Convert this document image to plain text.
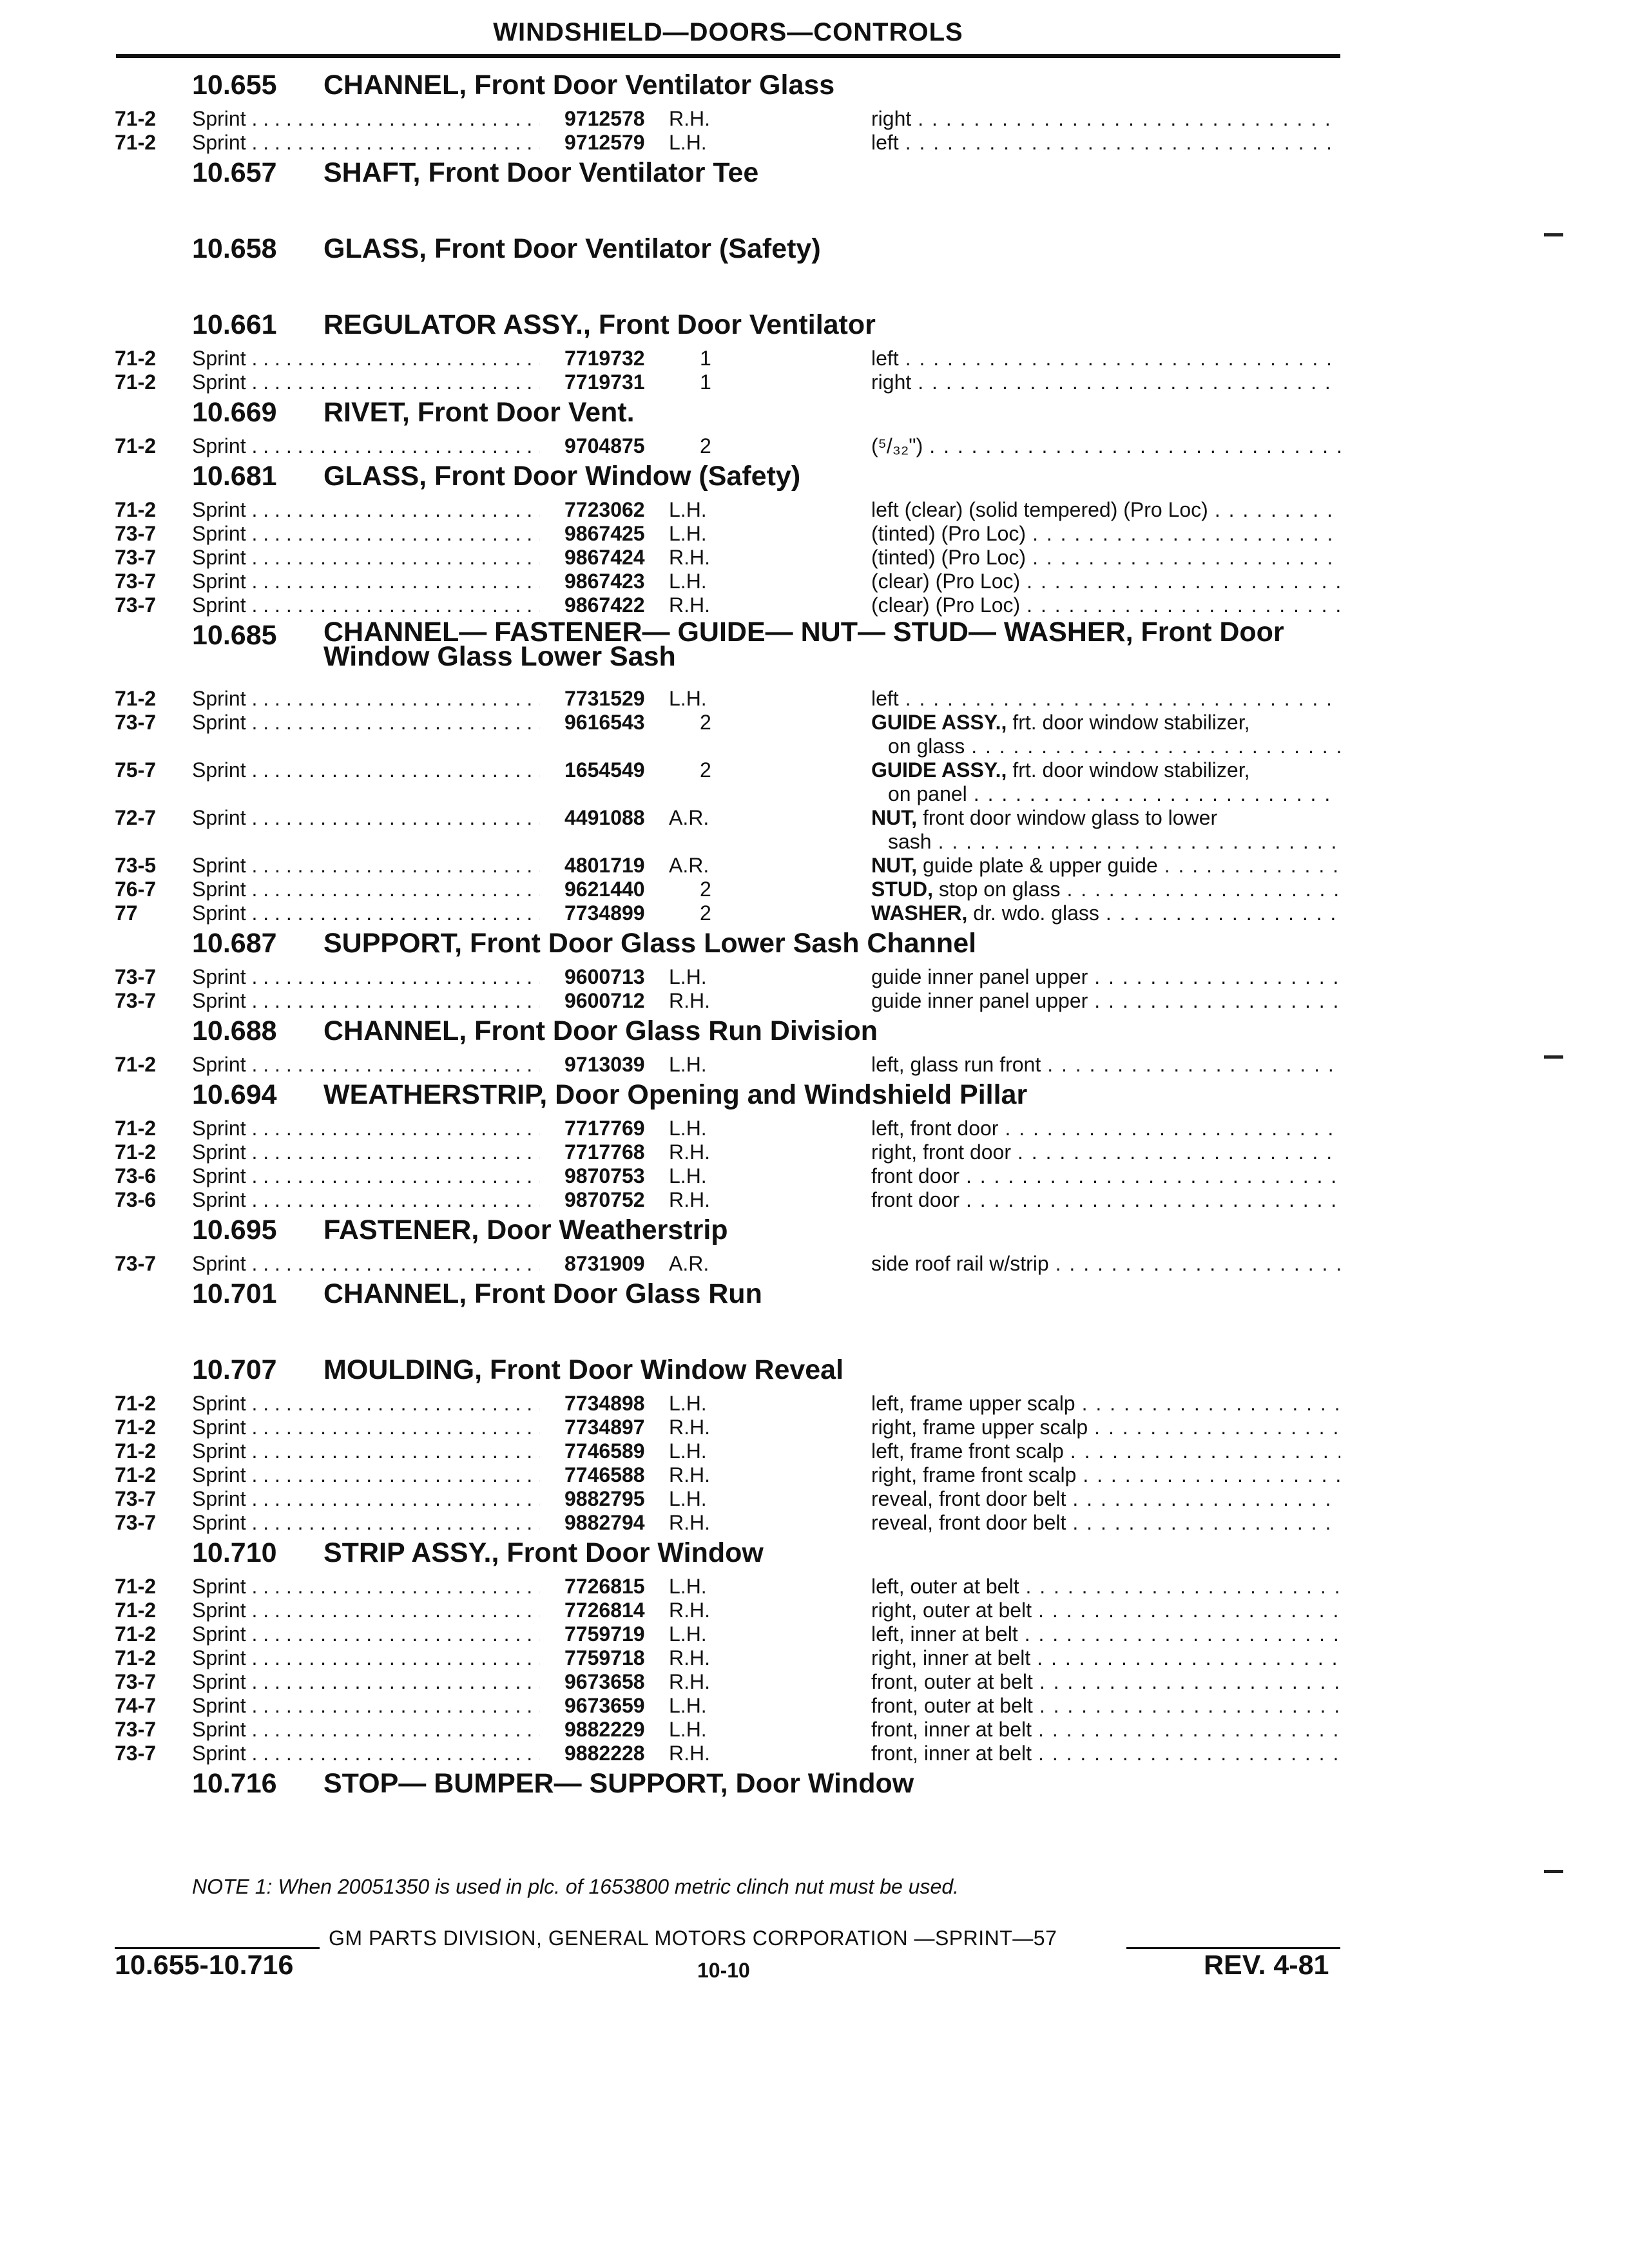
WINDSHIELD—DOORS—CONTROLS
10.655 CHANNEL, Front Door Ventilator Glass
71-2 Sprint . . .	9712578 R.H.	right
. . .
71-2 Sprint . . .	9712579 L.H.	left
. . .
10.657 SHAFT, Front Door Ventilator Tee
10.658 GLASS, Front Door Ventilator (Safety)
10.661 REGULATOR ASSY., Front Door Ventilator
71-2 Sprint . . .	7719732	1	left
. . .
71-2 Sprint . . .	7719731	1	right
. . .
10.669 RIVET, Front Door Vent.
71-2 Sprint . . .	9704875	2	(⁵/₃₂")
. . .
10.681 GLASS, Front Door Window (Safety)
71-2 Sprint . . .	7723062 L.H.	left (clear) (solid tempered) (Pro Loc)
. . .
73-7 Sprint . . .	9867425 L.H.	(tinted) (Pro Loc)
. . .
73-7 Sprint . . .	9867424 R.H.	(tinted) (Pro Loc)
. . .
73-7 Sprint . . .	9867423 L.H.	(clear) (Pro Loc)
. . .
73-7 Sprint . . .	9867422 R.H.	(clear) (Pro Loc)
. . .
10.685 CHANNEL— FASTENER— GUIDE— NUT— STUD— WASHER, Front Door
Window Glass Lower Sash
71-2 Sprint . . .	7731529 L.H.	left
. . .
73-7 Sprint . . .	9616543	2	GUIDE ASSY., frt. door window stabilizer,
on glass
. . .
75-7 Sprint . . .	1654549	2	GUIDE ASSY., frt. door window stabilizer,
on panel
. . .
72-7 Sprint . . .	4491088 A.R.	NUT, front door window glass to lower
sash
. . .
73-5 Sprint . . .	4801719 A.R.	NUT, guide plate & upper guide
. . .
76-7 Sprint . . .	9621440	2	STUD, stop on glass
. . .
77	Sprint . . .	7734899	2	WASHER, dr. wdo. glass
. . .
10.687 SUPPORT, Front Door Glass Lower Sash Channel
73-7 Sprint . . .	9600713 L.H.	guide inner panel upper
. . .
73-7 Sprint . . .	9600712 R.H.	guide inner panel upper
. . .
10.688 CHANNEL, Front Door Glass Run Division
71-2 Sprint . . .	9713039 L.H.	left, glass run front
. . .
10.694 WEATHERSTRIP, Door Opening and Windshield Pillar
71-2 Sprint . . .	7717769 L.H.	left, front door
. . .
71-2 Sprint . . .	7717768 R.H.	right, front door
. . .
73-6 Sprint . . .	9870753 L.H.	front door
. . .
73-6 Sprint . . .	9870752 R.H.	front door
. . .
10.695 FASTENER, Door Weatherstrip
73-7 Sprint . . .	8731909 A.R.	side roof rail w/strip
. . .
10.701 CHANNEL, Front Door Glass Run
10.707 MOULDING, Front Door Window Reveal
71-2 Sprint . . .	7734898 L.H.	left, frame upper scalp
. . .
71-2 Sprint . . .	7734897 R.H.	right, frame upper scalp
. . .
71-2 Sprint . . .	7746589 L.H.	left, frame front scalp
. . .
71-2 Sprint . . .	7746588 R.H.	right, frame front scalp
. . .
73-7 Sprint . . .	9882795 L.H.	reveal, front door belt
. . .
73-7 Sprint . . .	9882794 R.H.	reveal, front door belt
. . .
10.710 STRIP ASSY., Front Door Window
71-2 Sprint . . .	7726815 L.H.	left, outer at belt
. . .
71-2 Sprint . . .	7726814 R.H.	right, outer at belt
. . .
71-2 Sprint . . .	7759719 L.H.	left, inner at belt
. . .
71-2 Sprint . . .	7759718 R.H.	right, inner at belt
. . .
73-7 Sprint . . .	9673658 R.H.	front, outer at belt
. . .
74-7 Sprint . . .	9673659 L.H.	front, outer at belt
. . .
73-7 Sprint . . .	9882229 L.H.	front, inner at belt
. . .
73-7 Sprint . . .	9882228 R.H.	front, inner at belt
. . .
10.716 STOP— BUMPER— SUPPORT, Door Window
NOTE 1: When 20051350 is used in plc. of 1653800 metric clinch nut must be used.
GM PARTS DIVISION, GENERAL MOTORS CORPORATION —SPRINT—57
10.655-10.716	10-10	REV. 4-81
